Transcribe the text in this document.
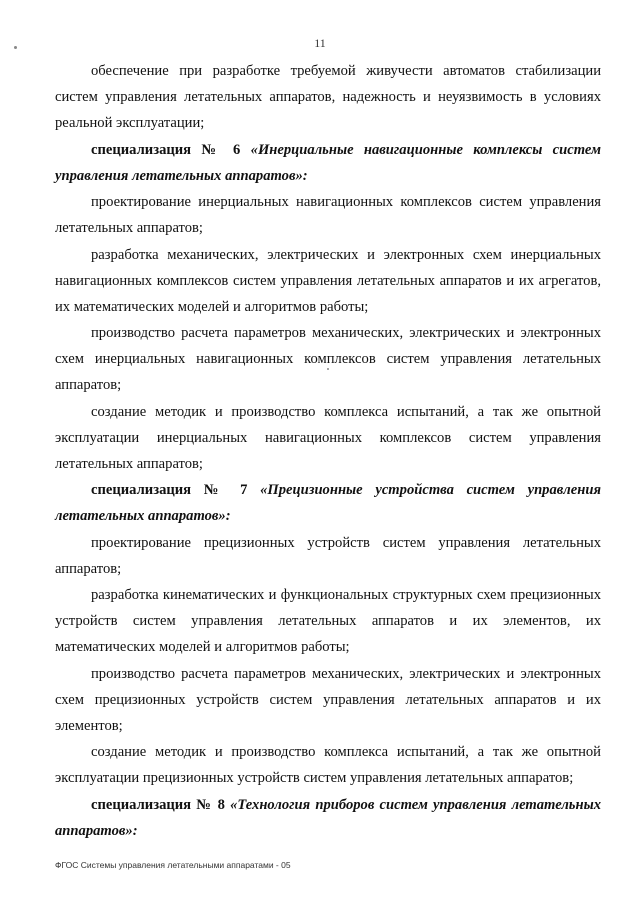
11

обеспечение при разработке требуемой живучести автоматов стабилизации систем управления летательных аппаратов, надежность и неуязвимость в условиях реальной эксплуатации;

специализация № 6 «Инерциальные навигационные комплексы систем управления летательных аппаратов»:

проектирование инерциальных навигационных комплексов систем управления летательных аппаратов;

разработка механических, электрических и электронных схем инерциальных навигационных комплексов систем управления летательных аппаратов и их агрегатов, их математических моделей и алгоритмов работы;

производство расчета параметров механических, электрических и электронных схем инерциальных навигационных комплексов систем управления летательных аппаратов;

создание методик и производство комплекса испытаний, а так же опытной эксплуатации инерциальных навигационных комплексов систем управления летательных аппаратов;

специализация № 7 «Прецизионные устройства систем управления летательных аппаратов»:

проектирование прецизионных устройств систем управления летательных аппаратов;

разработка кинематических и функциональных структурных схем прецизионных устройств систем управления летательных аппаратов и их элементов, их математических моделей и алгоритмов работы;

производство расчета параметров механических, электрических и электронных схем прецизионных устройств систем управления летательных аппаратов и их элементов;

создание методик и производство комплекса испытаний, а так же опытной эксплуатации прецизионных устройств систем управления летательных аппаратов;

специализация № 8 «Технология приборов систем управления летательных аппаратов»:

ФГОС Системы управления летательными аппаратами - 05
